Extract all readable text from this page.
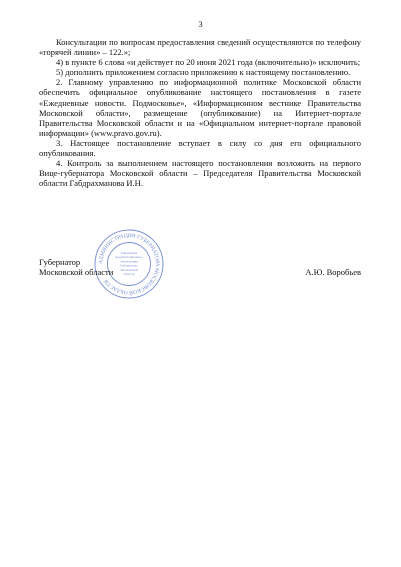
3

Консультации по вопросам предоставления сведений осуществляются по телефону «горячей линии» – 122.»;

4) в пункте 6 слова «и действует по 20 июня 2021 года (включительно)» исключить;

5) дополнить приложением согласно приложению к настоящему постановлению.

2. Главному управлению по информационной политике Московской области обеспечить официальное опубликование настоящего постановления в газете «Ежедневные новости. Подмосковье», «Информационном вестнике Правительства Московской области», размещение (опубликование) на Интернет-портале Правительства Московской области и на «Официальном интернет-портале правовой информации» (www.pravo.gov.ru).

3. Настоящее постановление вступает в силу со дня его официального опубликования.

4. Контроль за выполнением настоящего постановления возложить на первого Вице-губернатора Московской области – Председателя Правительства Московской области Габдрахманова И.Н.

АДМИНИСТРАЦИЯ ГУБЕРНАТОРА МОСКОВСКОЙ ОБЛАСТИ
Управление документационного обеспечения Губернатора Московской области
Губернатор
Московской области	А.Ю. Воробьев
